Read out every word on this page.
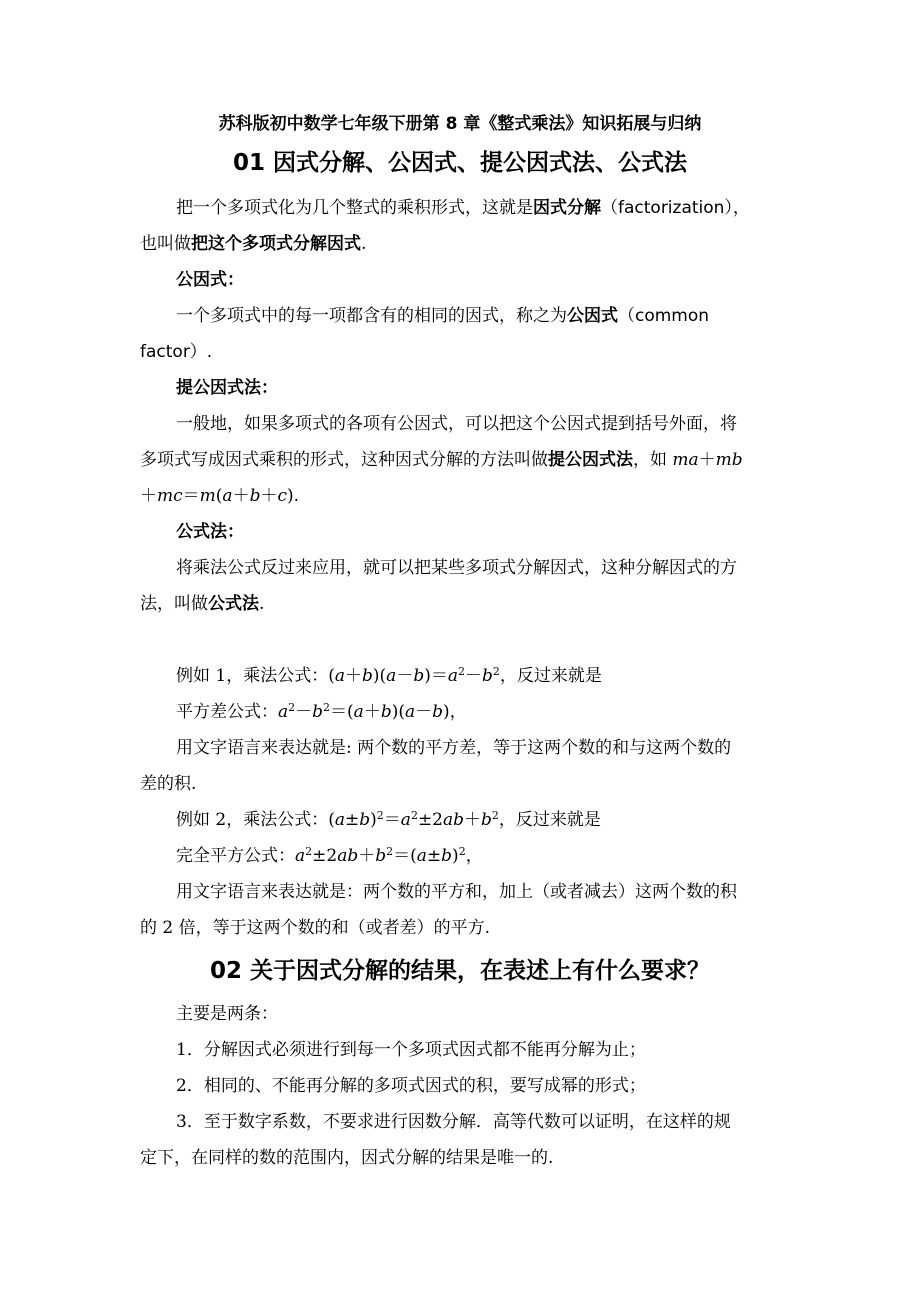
苏科版初中数学七年级下册第 8 章《整式乘法》知识拓展与归纳
01 因式分解、公因式、提公因式法、公式法
把一个多项式化为几个整式的乘积形式，这就是因式分解（factorization），
也叫做把这个多项式分解因式.
公因式：
一个多项式中的每一项都含有的相同的因式，称之为公因式（common
factor）.
提公因式法：
一般地，如果多项式的各项有公因式，可以把这个公因式提到括号外面，将
多项式写成因式乘积的形式，这种因式分解的方法叫做提公因式法，如 ma＋mb
＋mc＝m(a＋b＋c).
公式法：
将乘法公式反过来应用，就可以把某些多项式分解因式，这种分解因式的方
法，叫做公式法.
例如 1，乘法公式：$(a+b)(a-b)=a^2-b^2$，反过来就是
平方差公式：$a^2-b^2=(a+b)(a-b)$，
用文字语言来表达就是: 两个数的平方差，等于这两个数的和与这两个数的
差的积.
例如 2，乘法公式：$(a\pm b)^2=a^2\pm 2ab+b^2$，反过来就是
完全平方公式：$a^2\pm 2ab+b^2=(a\pm b)^2$，
用文字语言来表达就是：两个数的平方和，加上（或者减去）这两个数的积
的 2 倍，等于这两个数的和（或者差）的平方.
02 关于因式分解的结果，在表述上有什么要求？
主要是两条：
1．分解因式必须进行到每一个多项式因式都不能再分解为止；
2．相同的、不能再分解的多项式因式的积，要写成幂的形式；
3．至于数字系数，不要求进行因数分解．高等代数可以证明，在这样的规
定下，在同样的数的范围内，因式分解的结果是唯一的.
